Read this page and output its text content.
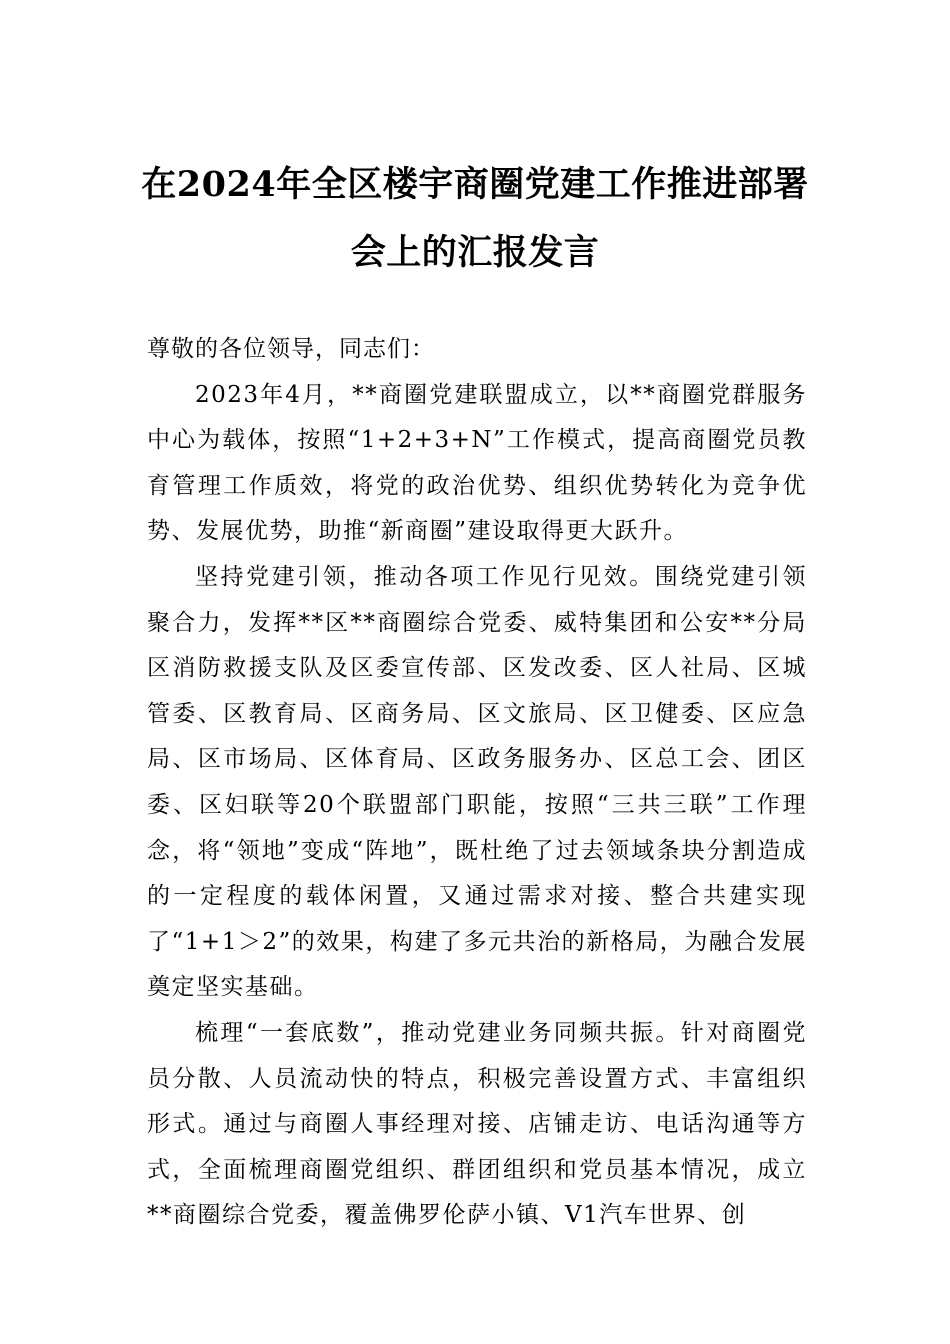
在2024年全区楼宇商圈党建工作推进部署
会上的汇报发言

尊敬的各位领导，同志们：

2023年4月，**商圈党建联盟成立，以**商圈党群服务中心为载体，按照“1+2+3+N”工作模式，提高商圈党员教育管理工作质效，将党的政治优势、组织优势转化为竞争优势、发展优势，助推“新商圈”建设取得更大跃升。

坚持党建引领，推动各项工作见行见效。围绕党建引领聚合力，发挥**区**商圈综合党委、威特集团和公安**分局区消防救援支队及区委宣传部、区发改委、区人社局、区城管委、区教育局、区商务局、区文旅局、区卫健委、区应急局、区市场局、区体育局、区政务服务办、区总工会、团区委、区妇联等20个联盟部门职能，按照“三共三联”工作理念，将“领地”变成“阵地”，既杜绝了过去领域条块分割造成的一定程度的载体闲置，又通过需求对接、整合共建实现了“1+1＞2”的效果，构建了多元共治的新格局，为融合发展奠定坚实基础。

梳理“一套底数”，推动党建业务同频共振。针对商圈党员分散、人员流动快的特点，积极完善设置方式、丰富组织形式。通过与商圈人事经理对接、店铺走访、电话沟通等方式，全面梳理商圈党组织、群团组织和党员基本情况，成立**商圈综合党委，覆盖佛罗伦萨小镇、V1汽车世界、创
